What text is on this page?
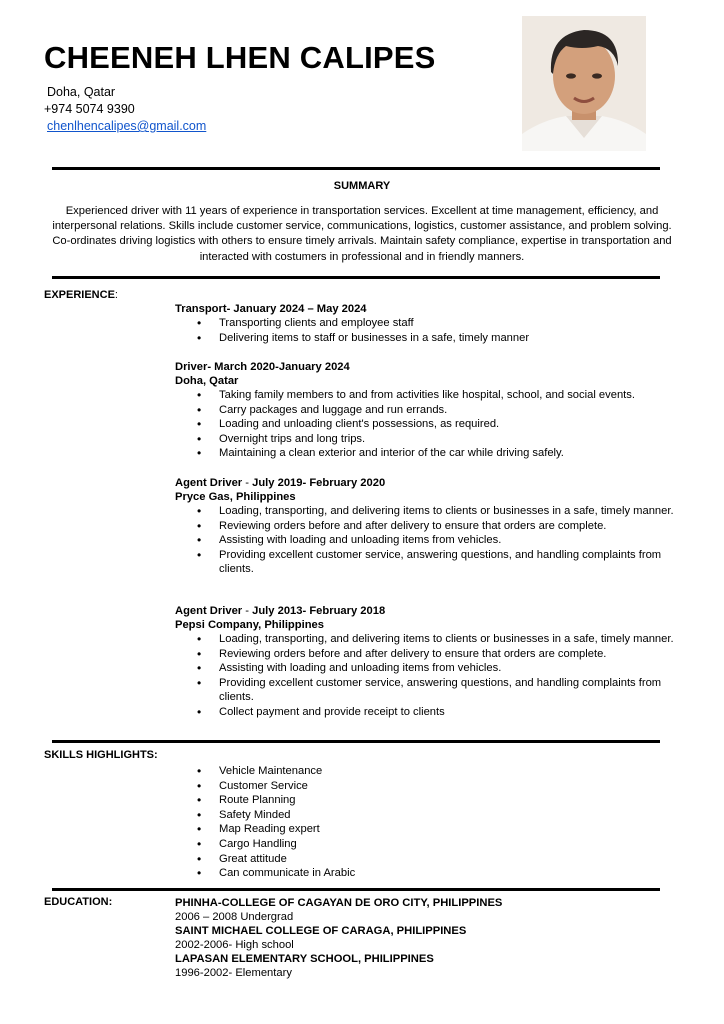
CHEENEH LHEN CALIPES
Doha, Qatar
+974 5074 9390
chenlhencalipes@gmail.com
SUMMARY
Experienced driver with 11 years of experience in transportation services. Excellent at time management, efficiency, and interpersonal relations. Skills include customer service, communications, logistics, customer assistance, and problem solving. Co-ordinates driving logistics with others to ensure timely arrivals. Maintain safety compliance, expertise in transportation and interacted with costumers in professional and in friendly manners.
EXPERIENCE:
Transport- January 2024 – May 2024
• Transporting clients and employee staff
• Delivering items to staff or businesses in a safe, timely manner
Driver- March 2020-January 2024
Doha, Qatar
• Taking family members to and from activities like hospital, school, and social events.
• Carry packages and luggage and run errands.
• Loading and unloading client's possessions, as required.
• Overnight trips and long trips.
• Maintaining a clean exterior and interior of the car while driving safely.
Agent Driver - July 2019- February 2020
Pryce Gas, Philippines
• Loading, transporting, and delivering items to clients or businesses in a safe, timely manner.
• Reviewing orders before and after delivery to ensure that orders are complete.
• Assisting with loading and unloading items from vehicles.
• Providing excellent customer service, answering questions, and handling complaints from clients.
Agent Driver - July 2013- February 2018
Pepsi Company, Philippines
• Loading, transporting, and delivering items to clients or businesses in a safe, timely manner.
• Reviewing orders before and after delivery to ensure that orders are complete.
• Assisting with loading and unloading items from vehicles.
• Providing excellent customer service, answering questions, and handling complaints from clients.
• Collect payment and provide receipt to clients
SKILLS HIGHLIGHTS:
• Vehicle Maintenance
• Customer Service
• Route Planning
• Safety Minded
• Map Reading expert
• Cargo Handling
• Great attitude
• Can communicate in Arabic
EDUCATION:	PHINHA-COLLEGE OF CAGAYAN DE ORO CITY, PHILIPPINES
2006 – 2008 Undergrad
SAINT MICHAEL COLLEGE OF CARAGA, PHILIPPINES
2002-2006- High school
LAPASAN ELEMENTARY SCHOOL, PHILIPPINES
1996-2002- Elementary
